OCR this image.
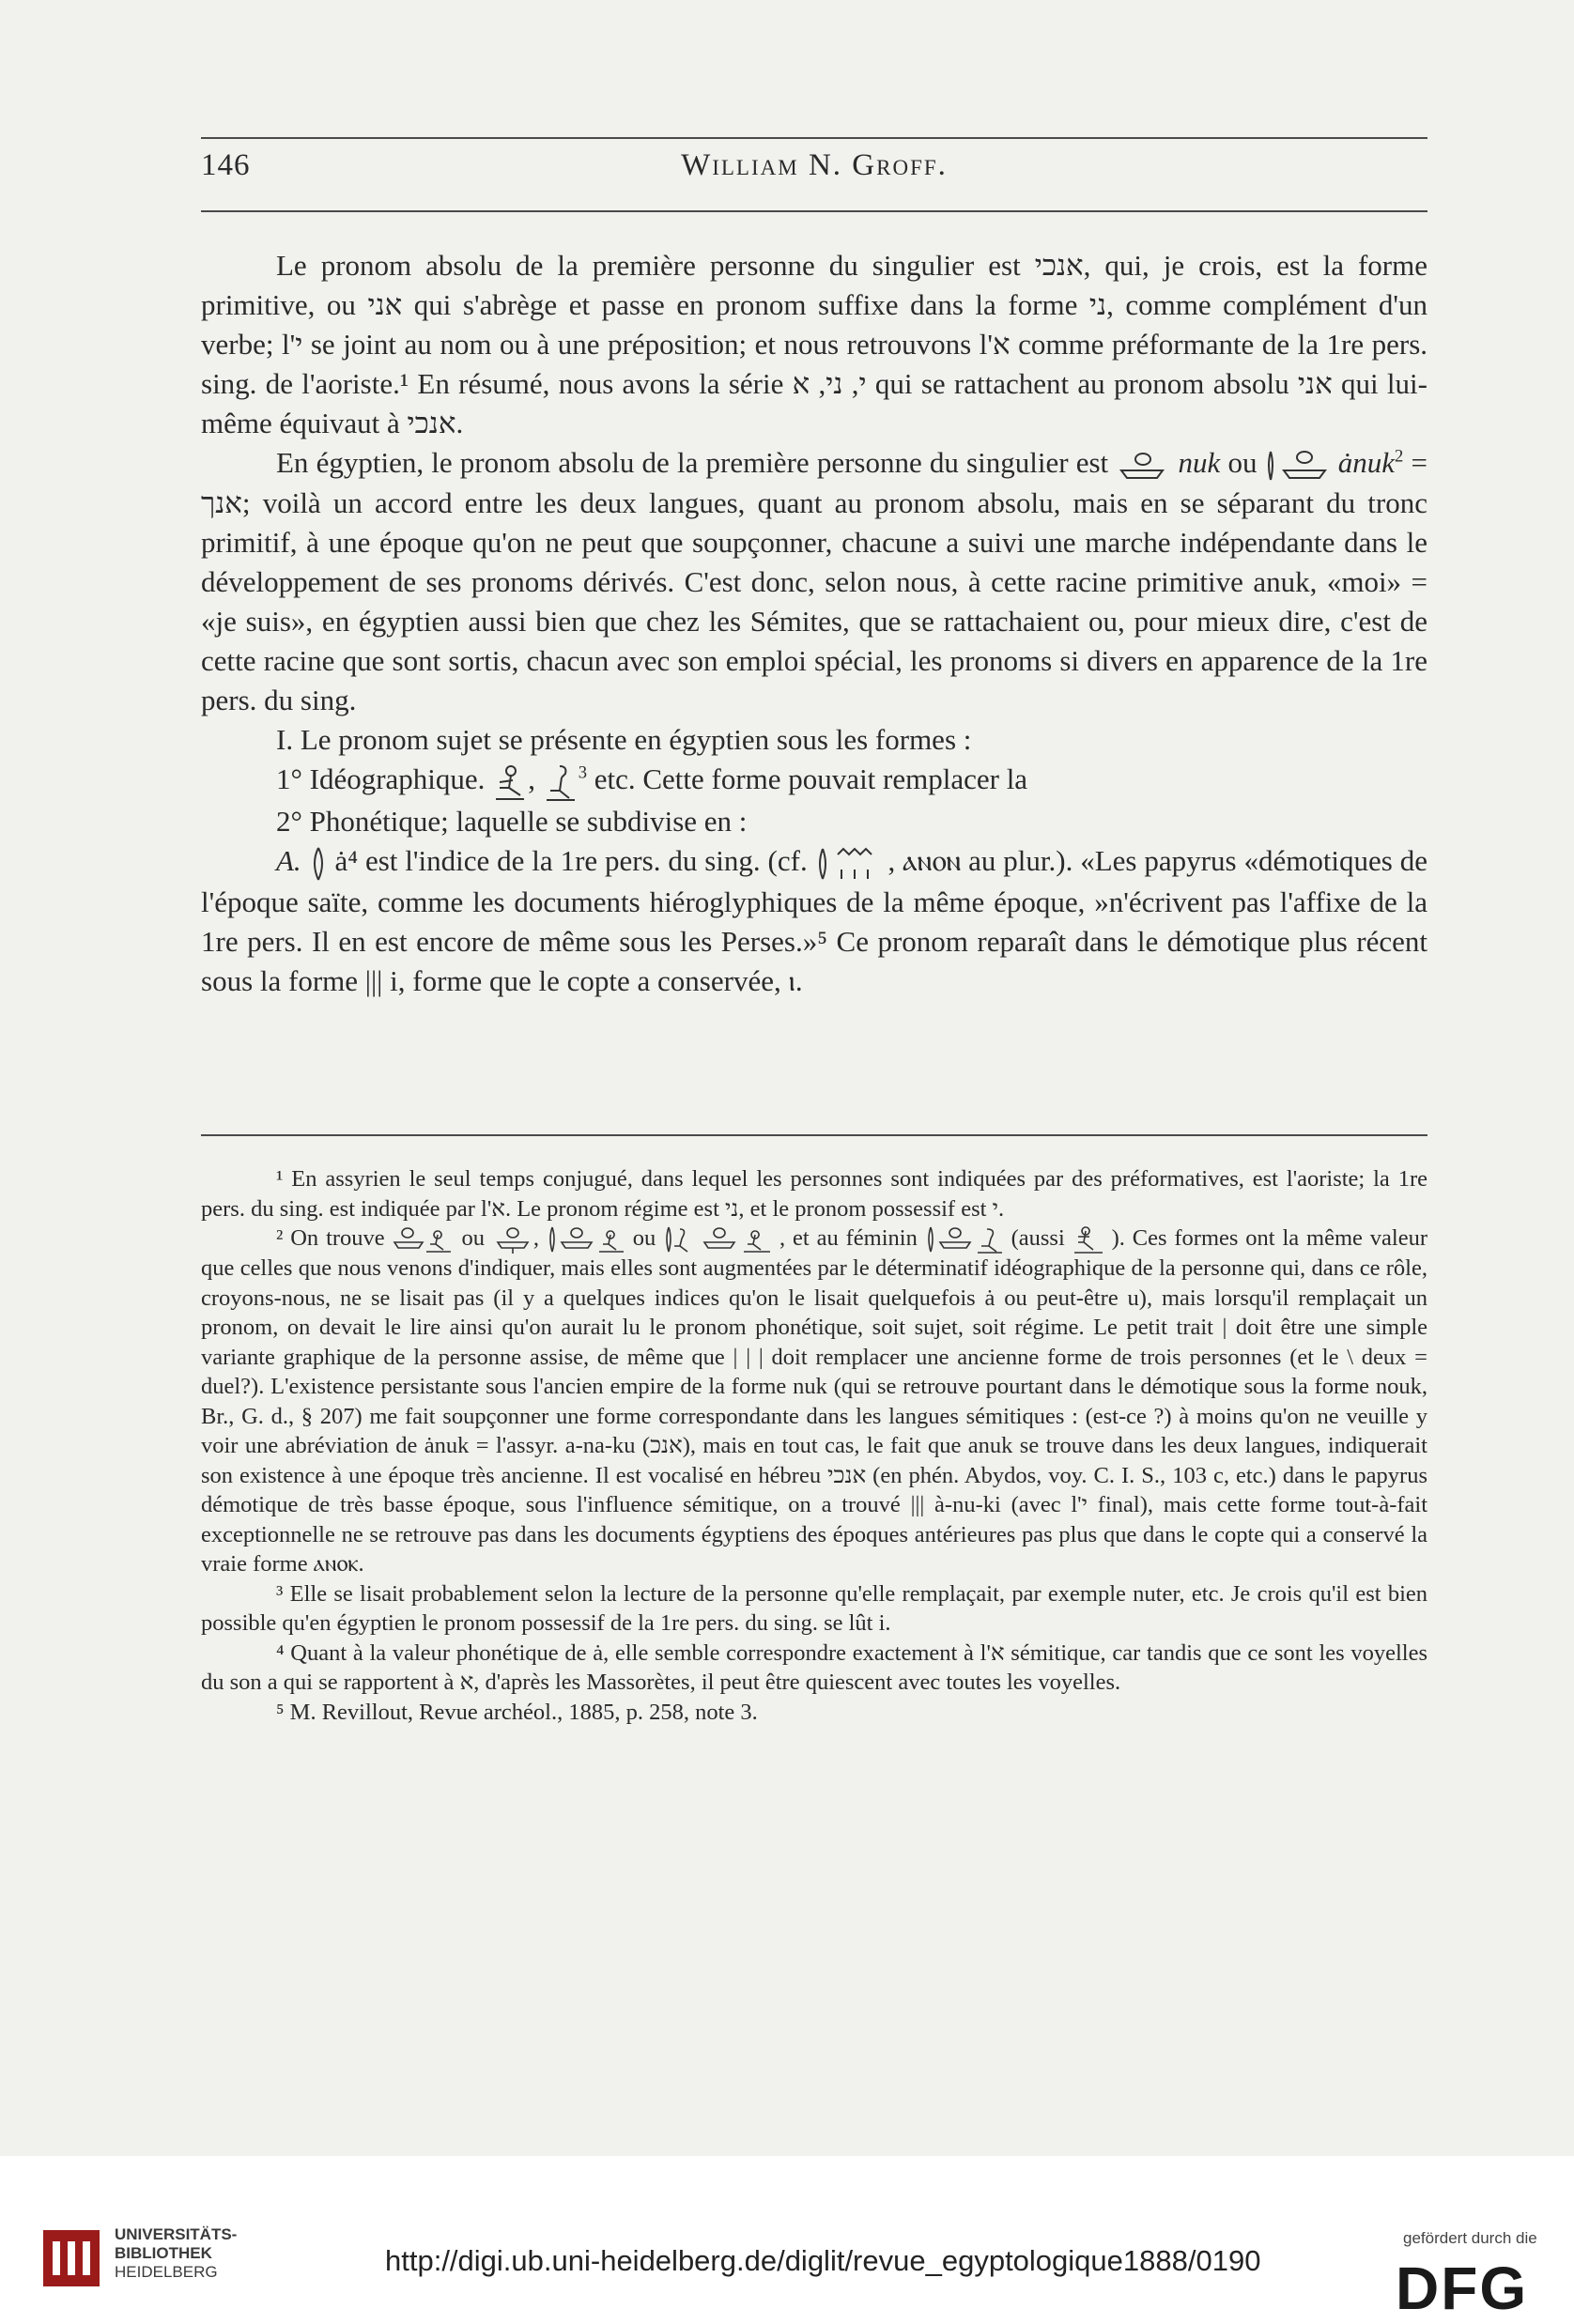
146	William N. Groff.

Le pronom absolu de la première personne du singulier est אנכי, qui, je crois, est la forme primitive, ou אני qui s'abrège et passe en pronom suffixe dans la forme ני, comme complément d'un verbe; l'י se joint au nom ou à une préposition; et nous retrouvons l'א comme préformante de la 1re pers. sing. de l'aoriste.¹ En résumé, nous avons la série י, ני, א qui se rattachent au pronom absolu אני qui lui-même équivaut à אנכי.

En égyptien, le pronom absolu de la première personne du singulier est nuk ou	ȧnuk$^2$ = אנך; voilà un accord entre les deux langues, quant au pronom absolu, mais en se séparant du tronc primitif, à une époque qu'on ne peut que soupçonner, chacune a suivi une marche indépendante dans le développement de ses pronoms dérivés. C'est donc, selon nous, à cette racine primitive anuk, «moi» = «je suis», en égyptien aussi bien que chez les Sémites, que se rattachaient ou, pour mieux dire, c'est de cette racine que sont sortis, chacun avec son emploi spécial, les pronoms si divers en apparence de la 1re pers. du sing.

I. Le pronom sujet se présente en égyptien sous les formes :

1° Idéographique. ,
$^3$ etc. Cette forme pouvait remplacer la

2° Phonétique; laquelle se subdivise en :

A. ȧ⁴ est l'indice de la 1re pers. du sing. (cf.	, ⲁⲛⲟⲛ au plur.). «Les papyrus «démotiques de l'époque saïte, comme les documents hiéroglyphiques de la même époque, »n'écrivent pas l'affixe de la 1re pers. Il en est encore de même sous les Perses.»⁵ Ce pronom reparaît dans le démotique plus récent sous la forme ||| i, forme que le copte a conservée, ⲓ.

¹ En assyrien le seul temps conjugué, dans lequel les personnes sont indiquées par des préformatives, est l'aoriste; la 1re pers. du sing. est indiquée par l'א. Le pronom régime est ני, et le pronom possessif est י.

² On trouve	ou ,	ou	, et au féminin	(aussi ). Ces formes ont la même valeur que celles que nous venons d'indiquer, mais elles sont augmentées par le déterminatif idéographique de la personne qui, dans ce rôle, croyons-nous, ne se lisait pas (il y a quelques indices qu'on le lisait quelquefois ȧ ou peut-être u), mais lorsqu'il remplaçait un pronom, on devait le lire ainsi qu'on aurait lu le pronom phonétique, soit sujet, soit régime. Le petit trait | doit être une simple variante graphique de la personne assise, de même que | | | doit remplacer une ancienne forme de trois personnes (et le \ deux = duel?). L'existence persistante sous l'ancien empire de la forme nuk (qui se retrouve pourtant dans le démotique sous la forme nouk, Br., G. d., § 207) me fait soupçonner une forme correspondante dans les langues sémitiques : (est-ce ?) à moins qu'on ne veuille y voir une abréviation de ȧnuk = l'assyr. a-na-ku (אנכ), mais en tout cas, le fait que anuk se trouve dans les deux langues, indiquerait son existence à une époque très ancienne. Il est vocalisé en hébreu אנכי (en phén. Abydos, voy. C. I. S., 103 c, etc.) dans le papyrus démotique de très basse époque, sous l'influence sémitique, on a trouvé ||| à-nu-ki (avec l'י final), mais cette forme tout-à-fait exceptionnelle ne se retrouve pas dans les documents égyptiens des époques antérieures pas plus que dans le copte qui a conservé la vraie forme ⲁⲛⲟⲕ.

³ Elle se lisait probablement selon la lecture de la personne qu'elle remplaçait, par exemple nuter, etc. Je crois qu'il est bien possible qu'en égyptien le pronom possessif de la 1re pers. du sing. se lût i.

⁴ Quant à la valeur phonétique de ȧ, elle semble correspondre exactement à l'א sémitique, car tandis que ce sont les voyelles du son a qui se rapportent à א, d'après les Massorètes, il peut être quiescent avec toutes les voyelles.

⁵ M. Revillout, Revue archéol., 1885, p. 258, note 3.

UNIVERSITÄTS-
BIBLIOTHEK
HEIDELBERG	http://digi.ub.uni-heidelberg.de/diglit/revue_egyptologique1888/0190
gefördert durch die
DFG
